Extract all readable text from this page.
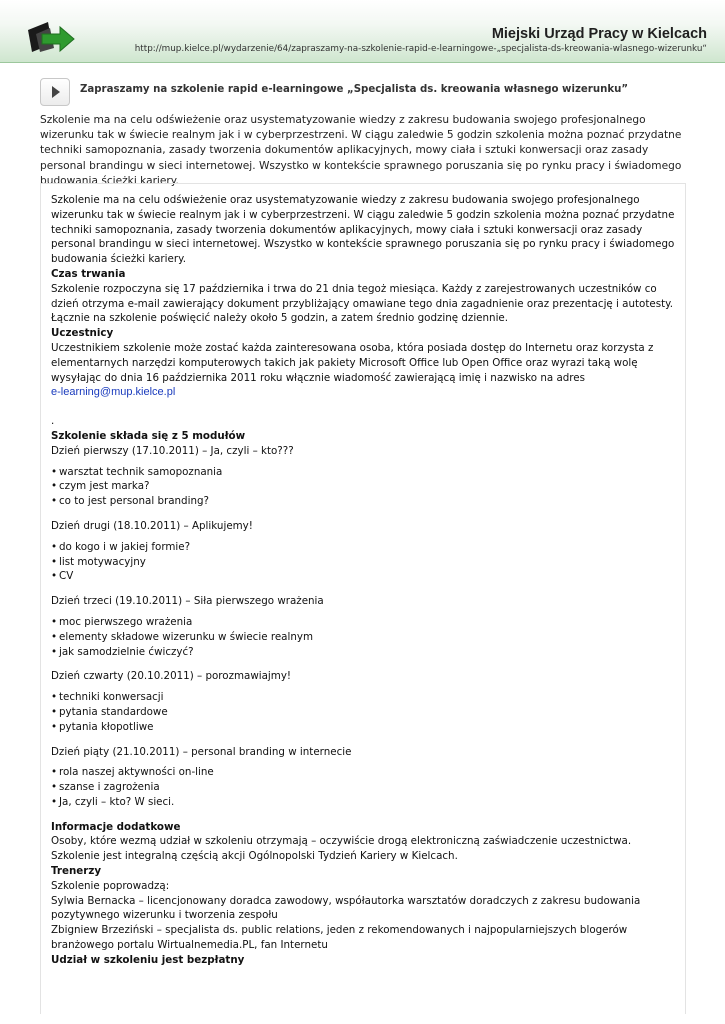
Miejski Urząd Pracy w Kielcach
http://mup.kielce.pl/wydarzenie/64/zapraszamy-na-szkolenie-rapid-e-learningowe-„specjalista-ds-kreowania-wlasnego-wizerunku“
Zapraszamy na szkolenie rapid e-learningowe „Specjalista ds. kreowania własnego wizerunku”
Szkolenie ma na celu odświeżenie oraz usystematyzowanie wiedzy z zakresu budowania swojego profesjonalnego wizerunku tak w świecie realnym jak i w cyberprzestrzeni. W ciągu zaledwie 5 godzin szkolenia można poznać przydatne techniki samopoznania, zasady tworzenia dokumentów aplikacyjnych, mowy ciała i sztuki konwersacji oraz zasady personal brandingu w sieci internetowej. Wszystko w kontekście sprawnego poruszania się po rynku pracy i świadomego budowania ścieżki kariery.

Szkolenie ma na celu odświeżenie oraz usystematyzowanie wiedzy z zakresu budowania swojego profesjonalnego wizerunku tak w świecie realnym jak i w cyberprzestrzeni. W ciągu zaledwie 5 godzin szkolenia można poznać przydatne techniki samopoznania, zasady tworzenia dokumentów aplikacyjnych, mowy ciała i sztuki konwersacji oraz zasady personal brandingu w sieci internetowej. Wszystko w kontekście sprawnego poruszania się po rynku pracy i świadomego budowania ścieżki kariery.

Czas trwania

Szkolenie rozpoczyna się 17 października i trwa do 21 dnia tegoż miesiąca. Każdy z zarejestrowanych uczestników co dzień otrzyma e-mail zawierający dokument przybliżający omawiane tego dnia zagadnienie oraz prezentację i autotesty. Łącznie na szkolenie poświęcić należy około 5 godzin, a zatem średnio godzinę dziennie.

Uczestnicy

Uczestnikiem szkolenie może zostać każda zainteresowana osoba, która posiada dostęp do Internetu oraz korzysta z elementarnych narzędzi komputerowych takich jak pakiety Microsoft Office lub Open Office oraz wyrazi taką wolę wysyłając do dnia 16 października 2011 roku włącznie wiadomość zawierającą imię i nazwisko na adres

e-learning@mup.kielce.pl

.

Szkolenie składa się z 5 modułów

Dzień pierwszy (17.10.2011) – Ja, czyli – kto???

• warsztat technik samopoznania
• czym jest marka?
• co to jest personal branding?

Dzień drugi (18.10.2011) – Aplikujemy!

• do kogo i w jakiej formie?
• list motywacyjny
• CV

Dzień trzeci (19.10.2011) – Siła pierwszego wrażenia

• moc pierwszego wrażenia
• elementy składowe wizerunku w świecie realnym
• jak samodzielnie ćwiczyć?

Dzień czwarty (20.10.2011) – porozmawiajmy!

• techniki konwersacji
• pytania standardowe
• pytania kłopotliwe

Dzień piąty (21.10.2011) – personal branding w internecie

• rola naszej aktywności on-line
• szanse i zagrożenia
• Ja, czyli – kto? W sieci.

Informacje dodatkowe

Osoby, które wezmą udział w szkoleniu otrzymają – oczywiście drogą elektroniczną zaświadczenie uczestnictwa.

Szkolenie jest integralną częścią akcji Ogólnopolski Tydzień Kariery w Kielcach.

Trenerzy

Szkolenie poprowadzą:

Sylwia Bernacka – licencjonowany doradca zawodowy, współautorka warsztatów doradczych z zakresu budowania pozytywnego wizerunku i tworzenia zespołu

Zbigniew Brzeziński – specjalista ds. public relations, jeden z rekomendowanych i najpopularniejszych blogerów branżowego portalu Wirtualnemedia.PL, fan Internetu

Udział w szkoleniu jest bezpłatny
